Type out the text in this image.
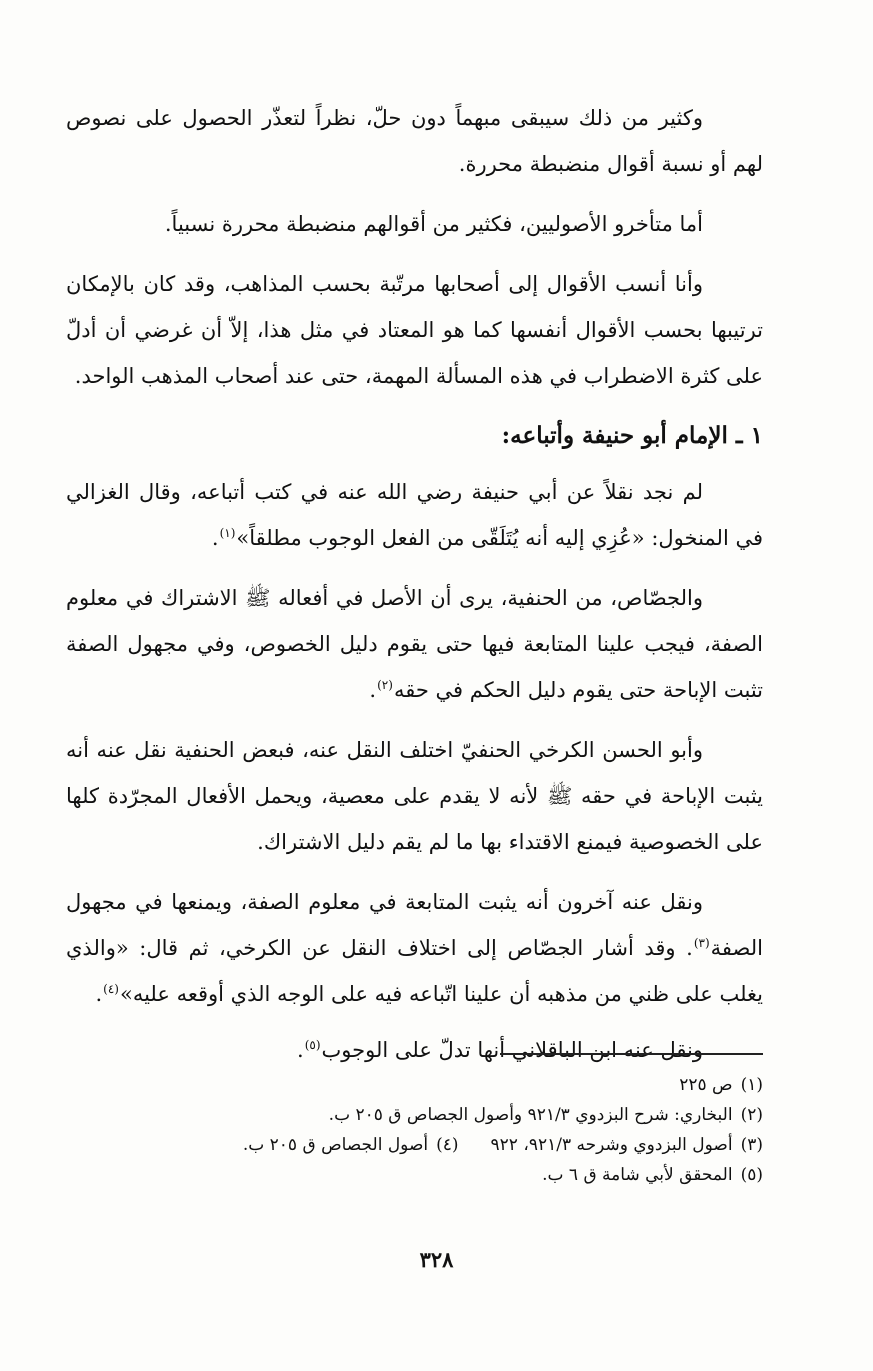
وكثير من ذلك سيبقى مبهماً دون حلّ، نظراً لتعذّر الحصول على نصوص لهم أو نسبة أقوال منضبطة محررة.

أما متأخرو الأصوليين، فكثير من أقوالهم منضبطة محررة نسبياً.

وأنا أنسب الأقوال إلى أصحابها مرتّبة بحسب المذاهب، وقد كان بالإمكان ترتيبها بحسب الأقوال أنفسها كما هو المعتاد في مثل هذا، إلاّ أن غرضي أن أدلّ على كثرة الاضطراب في هذه المسألة المهمة، حتى عند أصحاب المذهب الواحد.

١ ـ الإمام أبو حنيفة وأتباعه:

لم نجد نقلاً عن أبي حنيفة رضي الله عنه في كتب أتباعه، وقال الغزالي في المنخول: «عُزِي إليه أنه يُتَلَقّى من الفعل الوجوب مطلقاً»$^{(١)}$.

والجصّاص، من الحنفية، يرى أن الأصل في أفعاله ﷺ الاشتراك في معلوم الصفة، فيجب علينا المتابعة فيها حتى يقوم دليل الخصوص، وفي مجهول الصفة تثبت الإباحة حتى يقوم دليل الحكم في حقه$^{(٢)}$.

وأبو الحسن الكرخي الحنفيّ اختلف النقل عنه، فبعض الحنفية نقل عنه أنه يثبت الإباحة في حقه ﷺ لأنه لا يقدم على معصية، ويحمل الأفعال المجرّدة كلها على الخصوصية فيمنع الاقتداء بها ما لم يقم دليل الاشتراك.

ونقل عنه آخرون أنه يثبت المتابعة في معلوم الصفة، ويمنعها في مجهول الصفة$^{(٣)}$. وقد أشار الجصّاص إلى اختلاف النقل عن الكرخي، ثم قال: «والذي يغلب على ظني من مذهبه أن علينا اتّباعه فيه على الوجه الذي أوقعه عليه»$^{(٤)}$.

ونقل عنه ابن الباقلاني أنها تدلّ على الوجوب$^{(٥)}$.

(١)ص ٢٢٥
(٢)البخاري: شرح البزدوي ٩٢١/٣ وأصول الجصاص ق ٢٠٥ ب.
(٣)أصول البزدوي وشرحه ٩٢١/٣، ٩٢٢(٤)أصول الجصاص ق ٢٠٥ ب.
(٥)المحقق لأبي شامة ق ٦ ب.
٣٢٨
